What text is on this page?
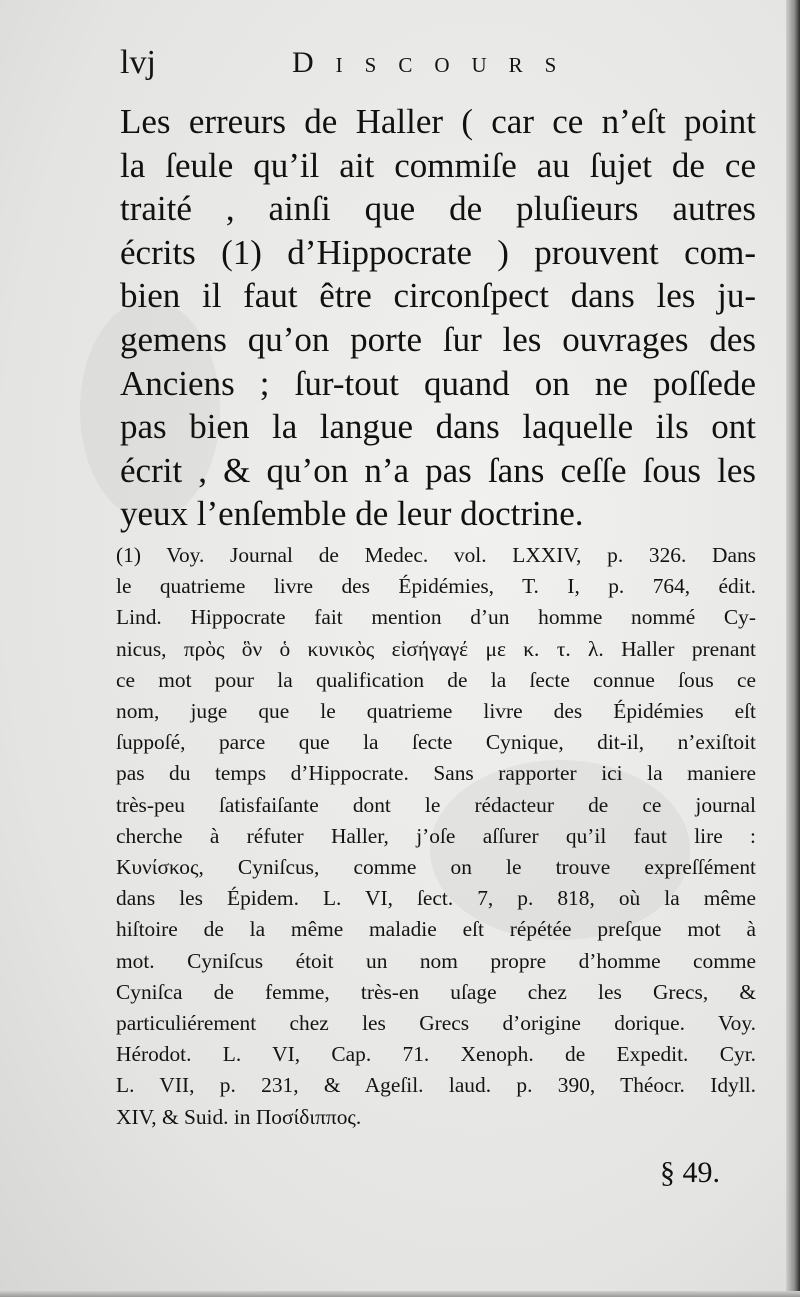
lvj	Discours
Les erreurs de Haller ( car ce n’eſt point
la ſeule qu’il ait commiſe au ſujet de ce
traité , ainſi que de pluſieurs autres
écrits (1) d’Hippocrate ) prouvent com-
bien il faut être circonſpect dans les ju-
gemens qu’on porte ſur les ouvrages des
Anciens ; ſur-tout quand on ne poſſede
pas bien la langue dans laquelle ils ont
écrit , & qu’on n’a pas ſans ceſſe ſous les
yeux l’enſemble de leur doctrine.
(1) Voy. Journal de Medec. vol. LXXIV, p. 326. Dans
le quatrieme livre des Épidémies, T. I, p. 764, édit.
Lind. Hippocrate fait mention d’un homme nommé Cy-
nicus, πρὸς ὃν ὁ κυνικὸς εἰσήγαγέ με κ. τ. λ. Haller prenant
ce mot pour la qualification de la ſecte connue ſous ce
nom, juge que le quatrieme livre des Épidémies eſt
ſuppoſé, parce que la ſecte Cynique, dit-il, n’exiſtoit
pas du temps d’Hippocrate. Sans rapporter ici la maniere
très-peu ſatisfaiſante dont le rédacteur de ce journal
cherche à réfuter Haller, j’oſe aſſurer qu’il faut lire :
Κυνίσκος, Cyniſcus, comme on le trouve expreſſément
dans les Épidem. L. VI, ſect. 7, p. 818, où la même
hiſtoire de la même maladie eſt répétée preſque mot à
mot. Cyniſcus étoit un nom propre d’homme comme
Cyniſca de femme, très-en uſage chez les Grecs, &
particuliérement chez les Grecs d’origine dorique. Voy.
Hérodot. L. VI, Cap. 71. Xenoph. de Expedit. Cyr.
L. VII, p. 231, & Ageſil. laud. p. 390, Théocr. Idyll.
XIV, & Suid. in Ποσίδιππος.
§ 49.
